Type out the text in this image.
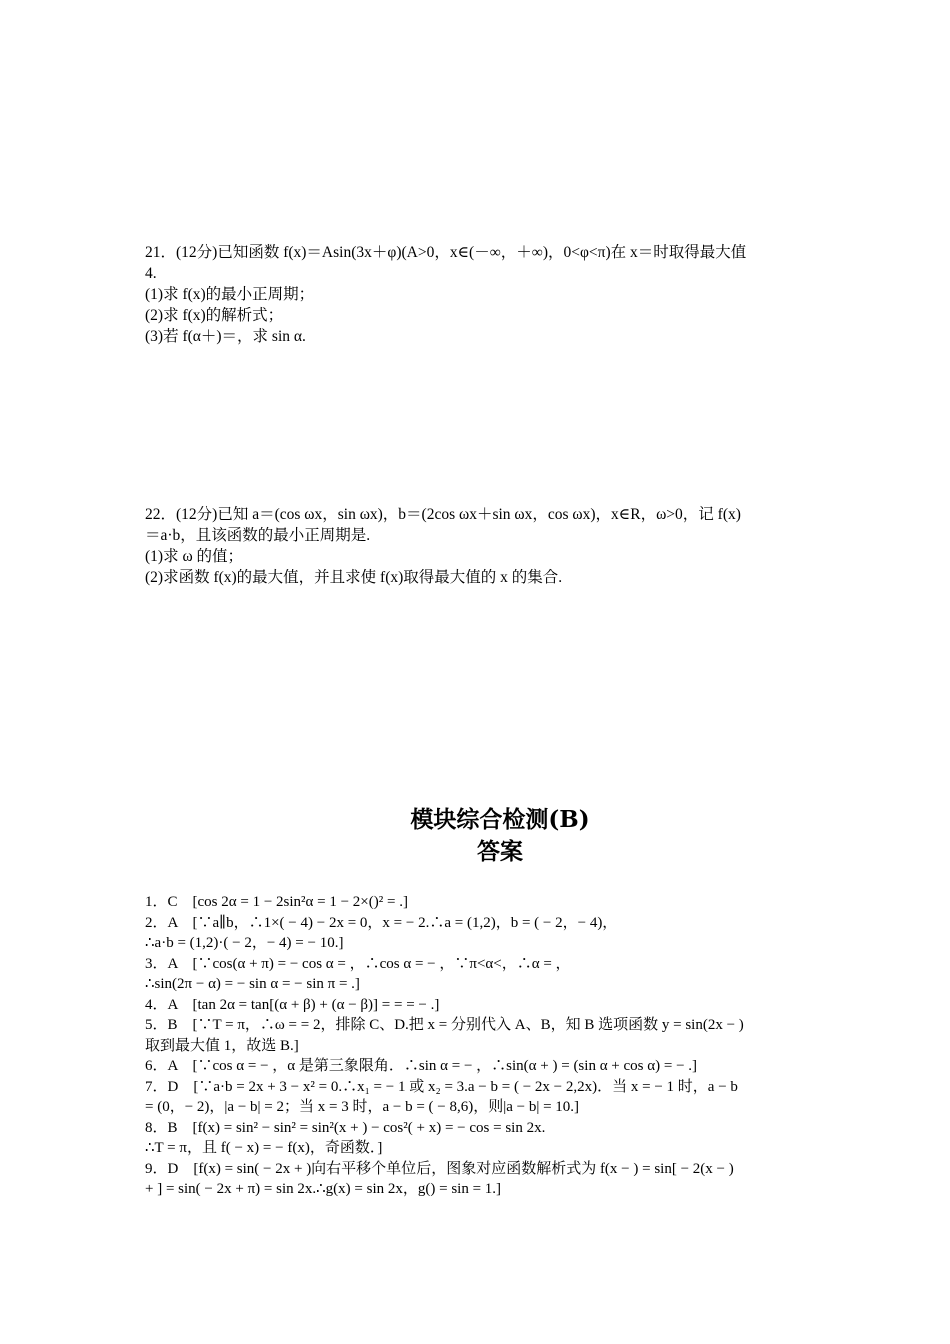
21．(12分)已知函数 f(x)＝Asin(3x＋φ)(A>0，x∈(－∞，＋∞)，0<φ<π)在 x＝时取得最大值
4.
(1)求 f(x)的最小正周期；
(2)求 f(x)的解析式；
(3)若 f(α＋)＝，求 sin α.
22．(12分)已知 a＝(cos ωx，sin ωx)，b＝(2cos ωx＋sin ωx，cos ωx)，x∈R，ω>0，记 f(x)
＝a·b，且该函数的最小正周期是.
(1)求 ω 的值；
(2)求函数 f(x)的最大值，并且求使 f(x)取得最大值的 x 的集合.
模块综合检测(B)
答案
1．C　[cos 2α = 1 − 2sin²α = 1 − 2×()² = .]
2．A　[∵a∥b，∴1×( − 4) − 2x = 0，x = − 2.∴a = (1,2)，b = ( − 2，− 4)，
∴a·b = (1,2)·( − 2，− 4) = − 10.]
3．A　[∵cos(α + π) = − cos α = ，∴cos α = − ，∵π<α<，∴α = ，
∴sin(2π − α) = − sin α = − sin π = .]
4．A　[tan 2α = tan[(α + β) + (α − β)] = = = − .]
5．B　[∵T = π，∴ω = = 2，排除 C、D.把 x = 分别代入 A、B，知 B 选项函数 y = sin(2x − )
取到最大值 1，故选 B.]
6．A　[∵cos α = − ，α 是第三象限角．∴sin α = − ，∴sin(α + ) = (sin α + cos α) = − .]
7．D　[∵a·b = 2x + 3 − x² = 0.∴x₁ = − 1 或 x₂ = 3.a − b = ( − 2x − 2,2x)．当 x = − 1 时，a − b
= (0，− 2)，|a − b| = 2；当 x = 3 时，a − b = ( − 8,6)，则|a − b| = 10.]
8．B　[f(x) = sin² − sin² = sin²(x + ) − cos²( + x) = − cos = sin 2x.
∴T = π，且 f( − x) = − f(x)，奇函数．]
9．D　[f(x) = sin( − 2x + )向右平移个单位后，图象对应函数解析式为 f(x − ) = sin[ − 2(x − )
+ ] = sin( − 2x + π) = sin 2x.∴g(x) = sin 2x，g() = sin = 1.]
